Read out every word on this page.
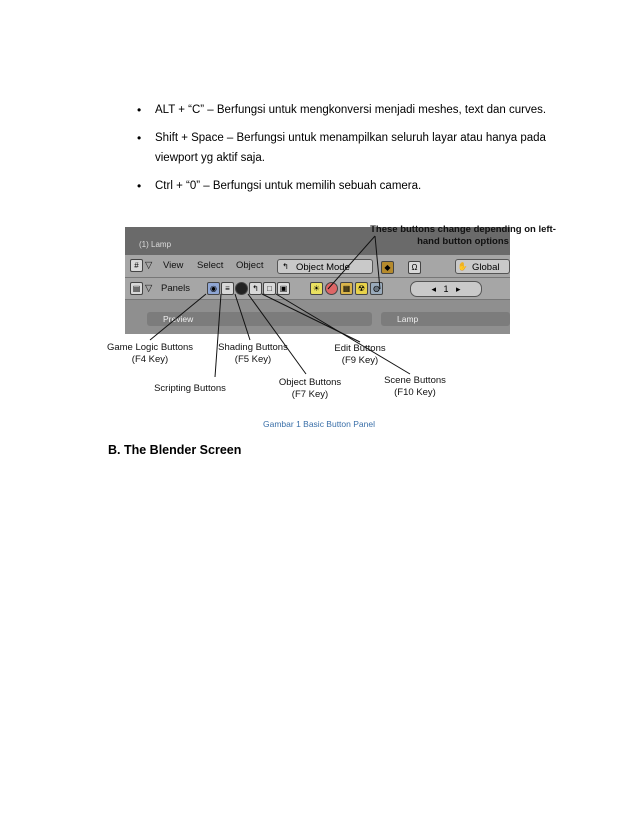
• ALT + “C” – Berfungsi untuk mengkonversi menjadi meshes, text dan curves.
• Shift + Space – Berfungsi untuk menampilkan seluruh layar atau hanya pada viewport yg aktif saja.
• Ctrl + “0” – Berfungsi untuk memilih sebuah camera.
(1) Lamp
# ▽ View Select Object	Object Mode
↰	◆	Ω	Global
✋
▤ ▽ Panels	◉	≡	↰	□ ▣	☀	▦ ☢ ◍	◂ 1 ▸
Preview	Lamp
These buttons change depending on left-hand button options
Game Logic Buttons
(F4 Key)
Scripting Buttons
Shading Buttons
(F5 Key)
Object Buttons
(F7 Key)
Edit Buttons
(F9 Key)
Scene Buttons
(F10 Key)
Gambar 1 Basic Button Panel
B. The Blender Screen
